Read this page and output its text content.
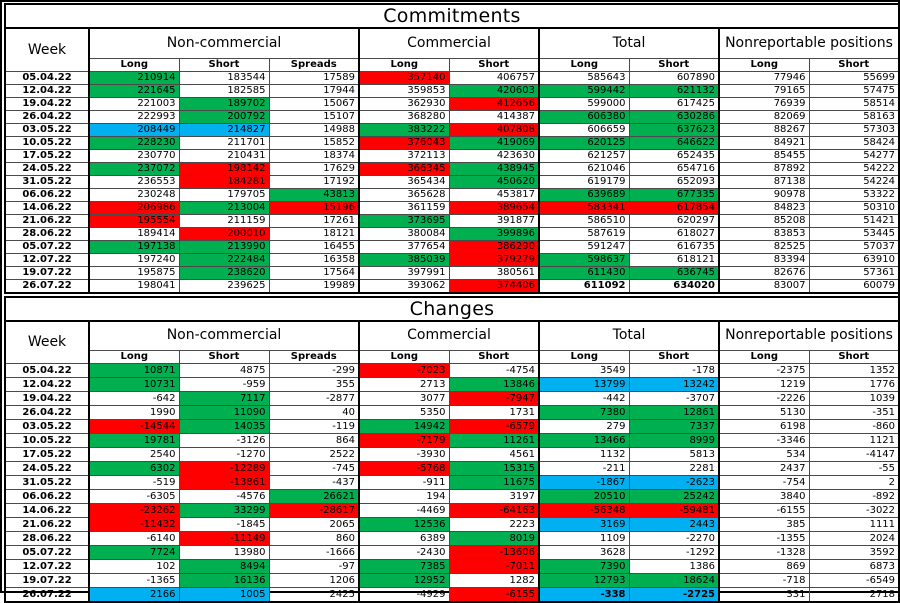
Commitments									
Week	Non-commercial			Commercial		Total		Nonreportable positions	
	Long	Short	Spreads	Long	Short	Long	Short	Long	Short
05.04.22	210914	183544	17589	357140	406757	585643	607890	77946	55699
12.04.22	221645	182585	17944	359853	420603	599442	621132	79165	57475
19.04.22	221003	189702	15067	362930	412656	599000	617425	76939	58514
26.04.22	222993	200792	15107	368280	414387	606380	630286	82069	58163
03.05.22	208449	214827	14988	383222	407808	606659	637623	88267	57303
10.05.22	228230	211701	15852	376043	419069	620125	646622	84921	58424
17.05.22	230770	210431	18374	372113	423630	621257	652435	85455	54277
24.05.22	237072	198142	17629	366345	438945	621046	654716	87892	54222
31.05.22	236553	184281	17192	365434	450620	619179	652093	87138	54224
06.06.22	230248	179705	43813	365628	453817	639689	677335	90978	53322
14.06.22	206986	213004	15196	361159	389654	583341	617854	84823	50310
21.06.22	195554	211159	17261	373695	391877	586510	620297	85208	51421
28.06.22	189414	200010	18121	380084	399896	587619	618027	83853	53445
05.07.22	197138	213990	16455	377654	386290	591247	616735	82525	57037
12.07.22	197240	222484	16358	385039	379279	598637	618121	83394	63910
19.07.22	195875	238620	17564	397991	380561	611430	636745	82676	57361
26.07.22	198041	239625	19989	393062	374406	611092	634020	83007	60079
Changes									
Week	Non-commercial			Commercial		Total		Nonreportable positions	
	Long	Short	Spreads	Long	Short	Long	Short	Long	Short
05.04.22	10871	4875	-299	-7023	-4754	3549	-178	-2375	1352
12.04.22	10731	-959	355	2713	13846	13799	13242	1219	1776
19.04.22	-642	7117	-2877	3077	-7947	-442	-3707	-2226	1039
26.04.22	1990	11090	40	5350	1731	7380	12861	5130	-351
03.05.22	-14544	14035	-119	14942	-6579	279	7337	6198	-860
10.05.22	19781	-3126	864	-7179	11261	13466	8999	-3346	1121
17.05.22	2540	-1270	2522	-3930	4561	1132	5813	534	-4147
24.05.22	6302	-12289	-745	-5768	15315	-211	2281	2437	-55
31.05.22	-519	-13861	-437	-911	11675	-1867	-2623	-754	2
06.06.22	-6305	-4576	26621	194	3197	20510	25242	3840	-892
14.06.22	-23262	33299	-28617	-4469	-64163	-56348	-59481	-6155	-3022
21.06.22	-11432	-1845	2065	12536	2223	3169	2443	385	1111
28.06.22	-6140	-11149	860	6389	8019	1109	-2270	-1355	2024
05.07.22	7724	13980	-1666	-2430	-13606	3628	-1292	-1328	3592
12.07.22	102	8494	-97	7385	-7011	7390	1386	869	6873
19.07.22	-1365	16136	1206	12952	1282	12793	18624	-718	-6549
26.07.22	2166	1005	2425	-4929	-6155	-338	-2725	331	2718
